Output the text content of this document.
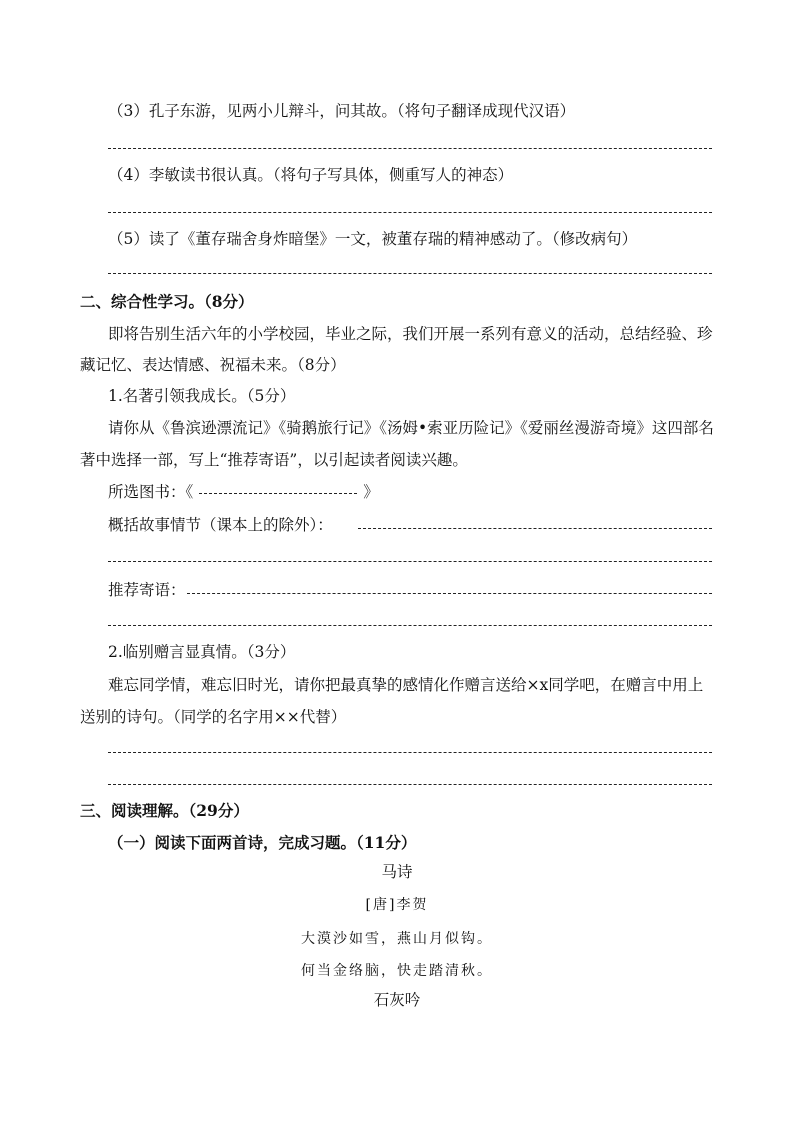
（3）孔子东游，见两小儿辩斗，问其故。（将句子翻译成现代汉语）
（4）李敏读书很认真。（将句子写具体，侧重写人的神态）
（5）读了《董存瑞舍身炸暗堡》一文，被董存瑞的精神感动了。（修改病句）
二、综合性学习。（8分）
即将告别生活六年的小学校园，毕业之际，我们开展一系列有意义的活动，总结经验、珍
藏记忆、表达情感、祝福未来。（8分）
1.名著引领我成长。（5分）
请你从《鲁滨逊漂流记》《骑鹅旅行记》《汤姆•索亚历险记》《爱丽丝漫游奇境》这四部名
著中选择一部，写上“推荐寄语”，以引起读者阅读兴趣。
所选图书：《	》
概括故事情节（课本上的除外）：
推荐寄语：
2.临别赠言显真情。（3分）
难忘同学情，难忘旧时光，请你把最真挚的感情化作赠言送给×x同学吧，在赠言中用上
送别的诗句。（同学的名字用××代替）
三、阅读理解。（29分）
（一）阅读下面两首诗，完成习题。（11分）
马诗
[唐]李贺
大漠沙如雪，燕山月似钩。
何当金络脑，快走踏清秋。
石灰吟
